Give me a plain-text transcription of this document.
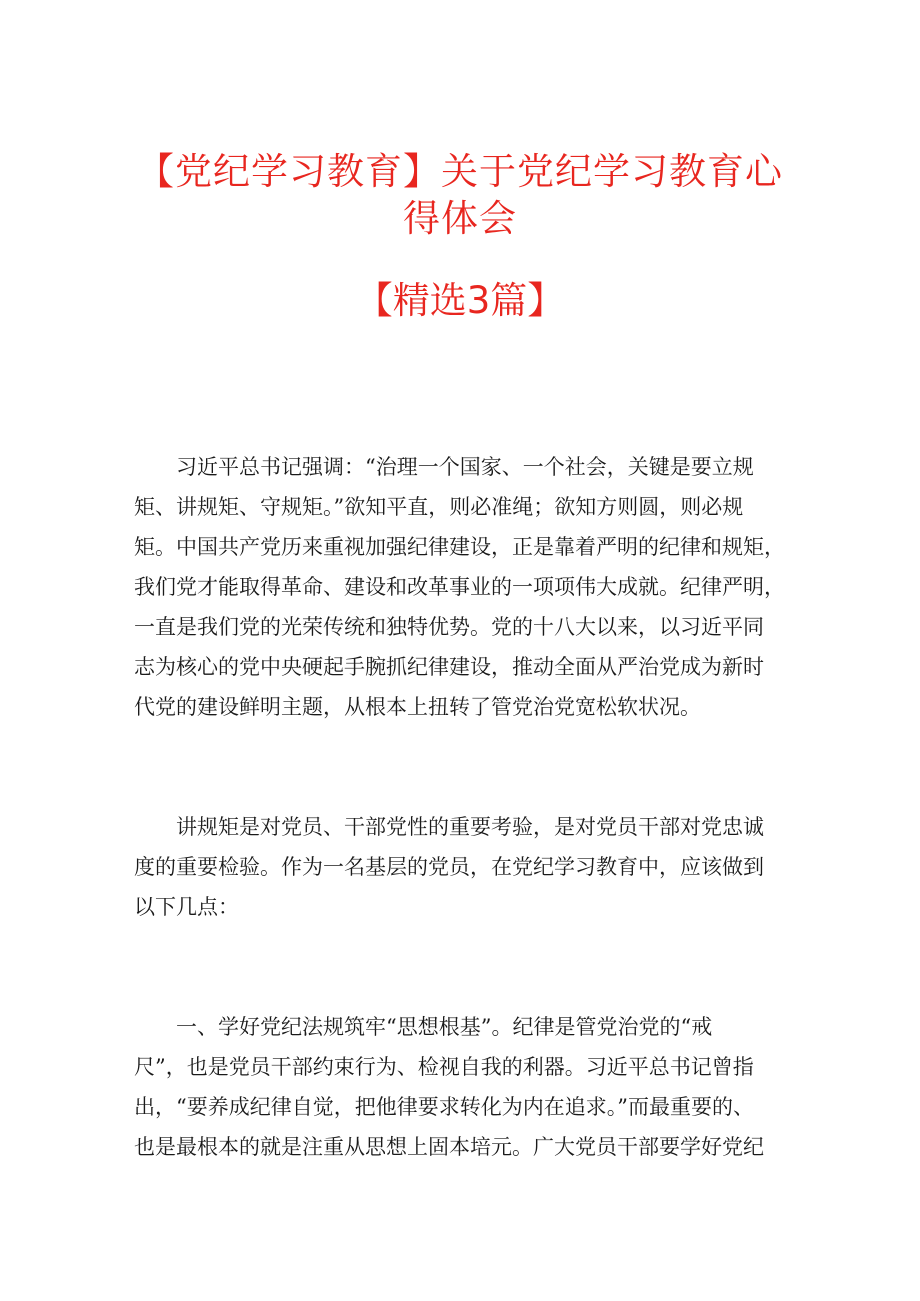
【党纪学习教育】关于党纪学习教育心
得体会
【精选3篇】

习近平总书记强调：“治理一个国家、一个社会，关键是要立规
矩、讲规矩、守规矩。”欲知平直，则必准绳；欲知方则圆，则必规
矩。中国共产党历来重视加强纪律建设，正是靠着严明的纪律和规矩，
我们党才能取得革命、建设和改革事业的一项项伟大成就。纪律严明，
一直是我们党的光荣传统和独特优势。党的十八大以来，以习近平同
志为核心的党中央硬起手腕抓纪律建设，推动全面从严治党成为新时
代党的建设鲜明主题，从根本上扭转了管党治党宽松软状况。

讲规矩是对党员、干部党性的重要考验，是对党员干部对党忠诚
度的重要检验。作为一名基层的党员，在党纪学习教育中，应该做到
以下几点：

一、学好党纪法规筑牢“思想根基”。纪律是管党治党的“戒
尺”，也是党员干部约束行为、检视自我的利器。习近平总书记曾指
出，“要养成纪律自觉，把他律要求转化为内在追求。”而最重要的、
也是最根本的就是注重从思想上固本培元。广大党员干部要学好党纪
